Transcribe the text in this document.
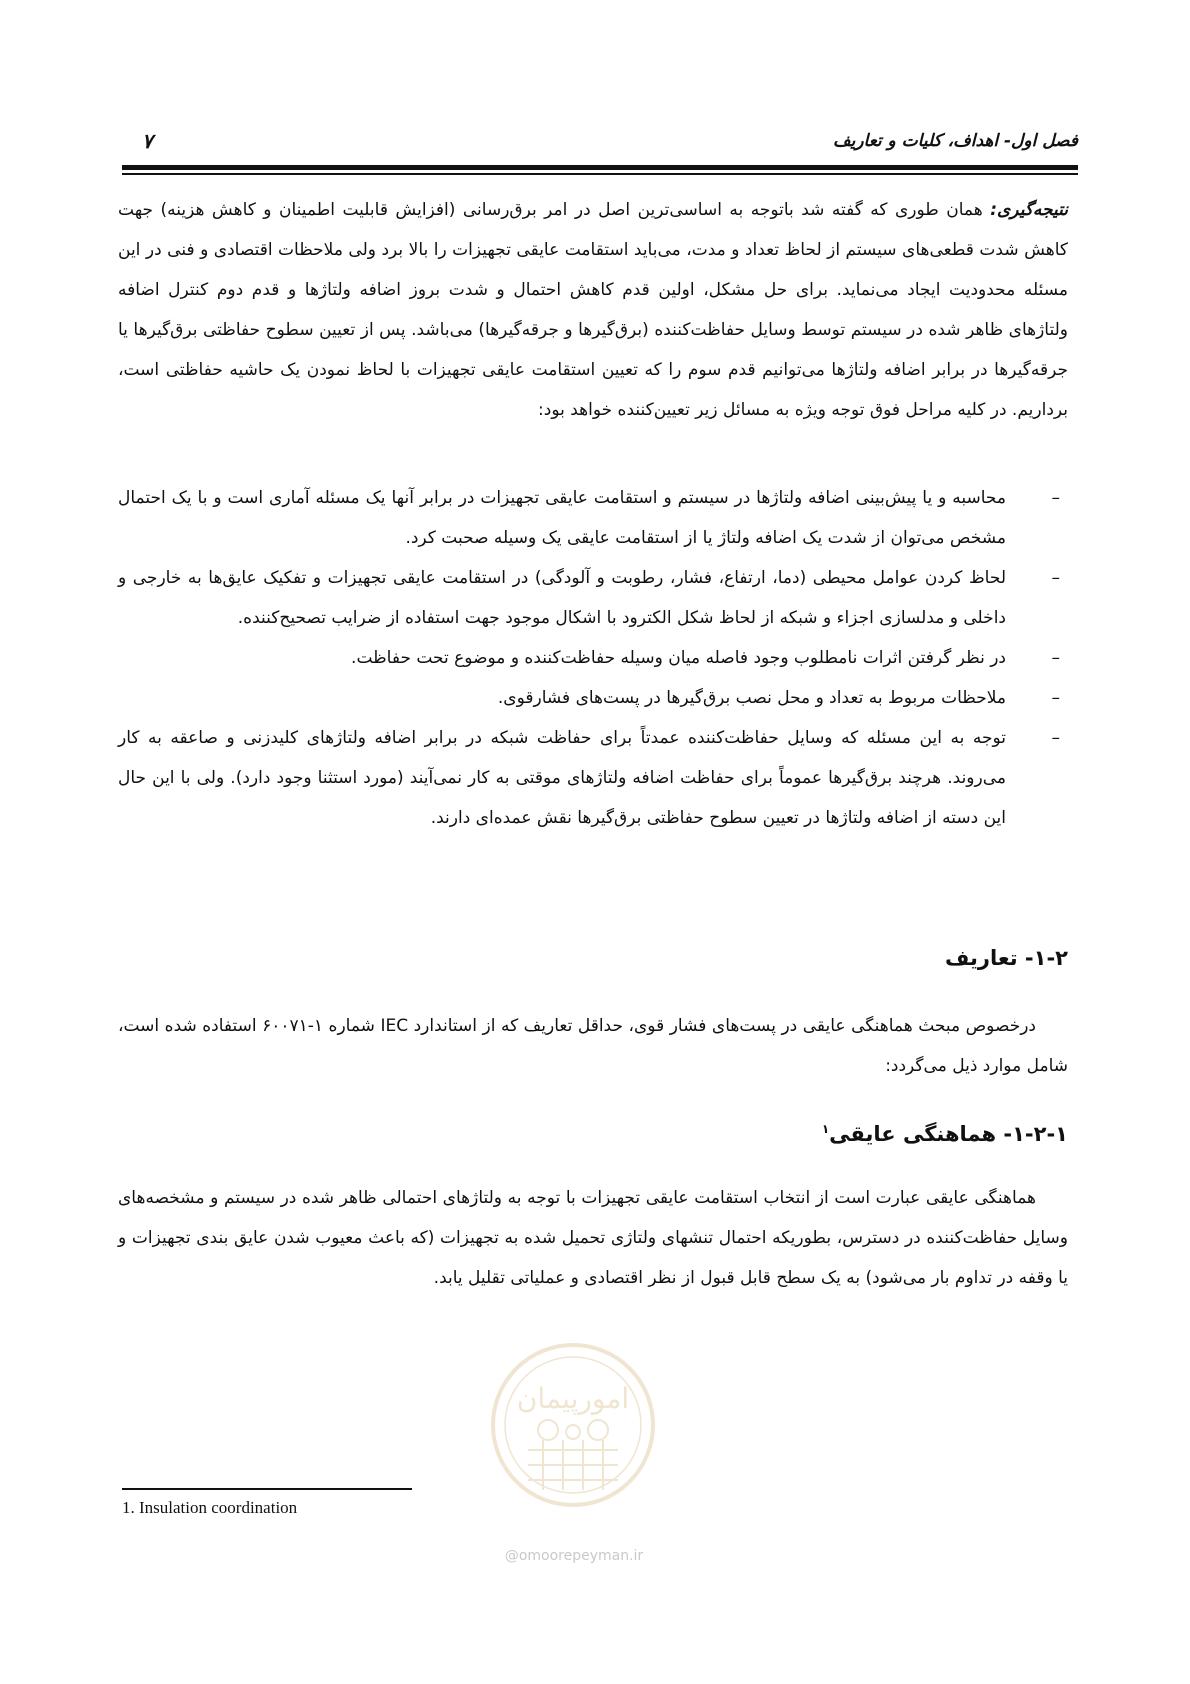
فصل اول- اهداف، کلیات و تعاریف
۷

نتیجه‌گیری: همان طوری که گفته شد باتوجه به اساسی‌ترین اصل در امر برق‌رسانی (افزایش قابلیت اطمینان و کاهش هزینه) جهت کاهش شدت قطعی‌های سیستم از لحاظ تعداد و مدت، می‌باید استقامت عایقی تجهیزات را بالا برد ولی ملاحظات اقتصادی و فنی در این مسئله محدودیت ایجاد می‌نماید. برای حل مشکل، اولین قدم کاهش احتمال و شدت بروز اضافه ولتاژها و قدم دوم کنترل اضافه ولتاژهای ظاهر شده در سیستم توسط وسایل حفاظت‌کننده (برق‌گیرها و جرقه‌گیرها) می‌باشد. پس از تعیین سطوح حفاظتی برق‌گیرها یا جرقه‌گیرها در برابر اضافه ولتاژها می‌توانیم قدم سوم را که تعیین استقامت عایقی تجهیزات با لحاظ نمودن یک حاشیه حفاظتی است، برداریم. در کلیه مراحل فوق توجه ویژه به مسائل زیر تعیین‌کننده خواهد بود:

–
محاسبه و یا پیش‌بینی اضافه ولتاژها در سیستم و استقامت عایقی تجهیزات در برابر آنها یک مسئله آماری است و با یک احتمال مشخص می‌توان از شدت یک اضافه ولتاژ یا از استقامت عایقی یک وسیله صحبت کرد.
–
لحاظ کردن عوامل محیطی (دما، ارتفاع، فشار، رطوبت و آلودگی) در استقامت عایقی تجهیزات و تفکیک عایق‌ها به خارجی و داخلی و مدلسازی اجزاء و شبکه از لحاظ شکل الکترود با اشکال موجود جهت استفاده از ضرایب تصحیح‌کننده.
–
در نظر گرفتن اثرات نامطلوب وجود فاصله میان وسیله حفاظت‌کننده و موضوع تحت حفاظت.
–
ملاحظات مربوط به تعداد و محل نصب برق‌گیرها در پست‌های فشارقوی.
–
توجه به این مسئله که وسایل حفاظت‌کننده عمدتاً برای حفاظت شبکه در برابر اضافه ولتاژهای کلیدزنی و صاعقه به کار می‌روند. هرچند برق‌گیرها عموماً برای حفاظت اضافه ولتاژهای موقتی به کار نمی‌آیند (مورد استثنا وجود دارد). ولی با این حال این دسته از اضافه ولتاژها در تعیین سطوح حفاظتی برق‌گیرها نقش عمده‌ای دارند.
۱-۲- تعاریف
درخصوص مبحث هماهنگی عایقی در پست‌های فشار قوی، حداقل تعاریف که از استاندارد IEC شماره ۱-۶۰۰۷۱ استفاده شده است، شامل موارد ذیل می‌گردد:
۱-۲-۱- هماهنگی عایقی$^۱$
هماهنگی عایقی عبارت است از انتخاب استقامت عایقی تجهیزات با توجه به ولتاژهای احتمالی ظاهر شده در سیستم و مشخصه‌های وسایل حفاظت‌کننده در دسترس، بطوریکه احتمال تنشهای ولتاژی تحمیل شده به تجهیزات (که باعث معیوب شدن عایق بندی تجهیزات و یا وقفه در تداوم بار می‌شود) به یک سطح قابل قبول از نظر اقتصادی و عملیاتی تقلیل یابد.
امورپیمان
@omoorepeyman.ir
1. Insulation coordination
